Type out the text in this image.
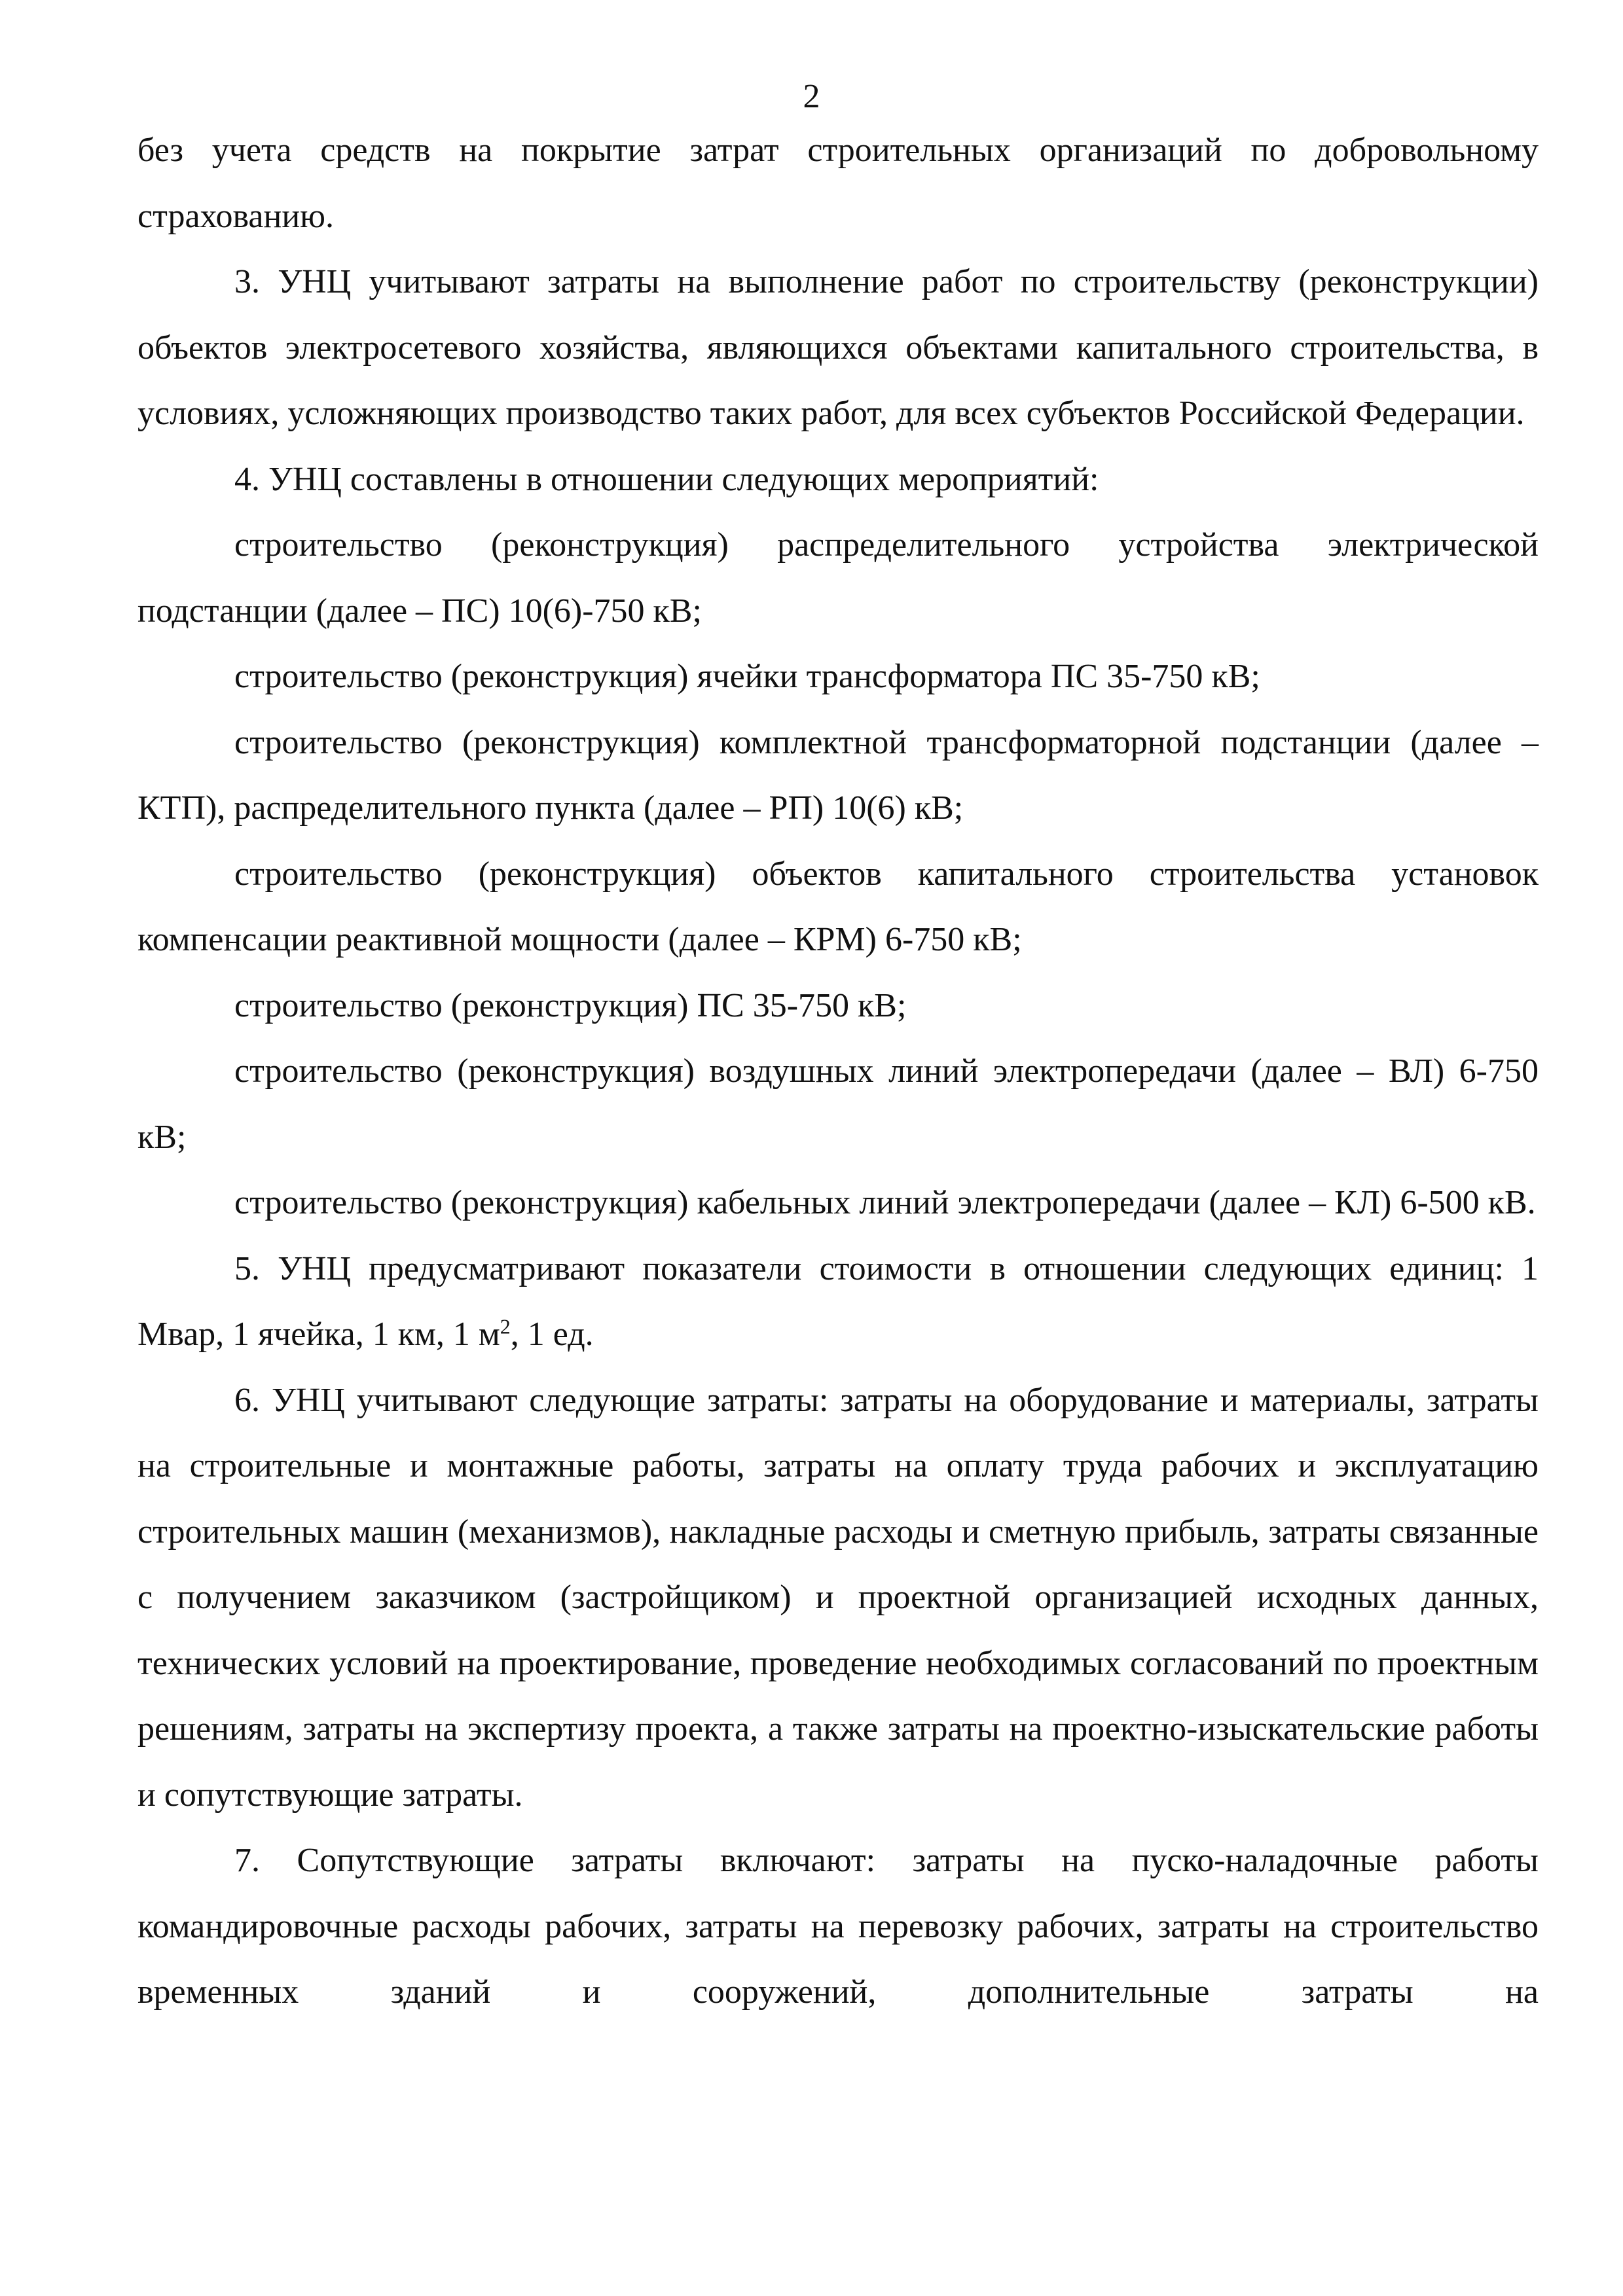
2

без учета средств на покрытие затрат строительных организаций по добровольному страхованию.

3. УНЦ учитывают затраты на выполнение работ по строительству (реконструкции) объектов электросетевого хозяйства, являющихся объектами капитального строительства, в условиях, усложняющих производство таких работ, для всех субъектов Российской Федерации.

4. УНЦ составлены в отношении следующих мероприятий:

строительство (реконструкция) распределительного устройства электрической подстанции (далее – ПС) 10(6)-750 кВ;

строительство (реконструкция) ячейки трансформатора ПС 35-750 кВ;

строительство (реконструкция) комплектной трансформаторной подстанции (далее – КТП), распределительного пункта (далее – РП) 10(6) кВ;

строительство (реконструкция) объектов капитального строительства установок компенсации реактивной мощности (далее – КРМ) 6-750 кВ;

строительство (реконструкция) ПС 35-750 кВ;

строительство (реконструкция) воздушных линий электропередачи (далее – ВЛ) 6-750 кВ;

строительство (реконструкция) кабельных линий электропередачи (далее – КЛ) 6-500 кВ.

5. УНЦ предусматривают показатели стоимости в отношении следующих единиц: 1 Мвар, 1 ячейка, 1 км, 1 $м^2$, 1 ед.

6. УНЦ учитывают следующие затраты: затраты на оборудование и материалы, затраты на строительные и монтажные работы, затраты на оплату труда рабочих и эксплуатацию строительных машин (механизмов), накладные расходы и сметную прибыль, затраты связанные с получением заказчиком (застройщиком) и проектной организацией исходных данных, технических условий на проектирование, проведение необходимых согласований по проектным решениям, затраты на экспертизу проекта, а также затраты на проектно-изыскательские работы и сопутствующие затраты.

7. Сопутствующие затраты включают: затраты на пуско-наладочные работы командировочные расходы рабочих, затраты на перевозку рабочих, затраты на строительство временных зданий и сооружений, дополнительные затраты на
